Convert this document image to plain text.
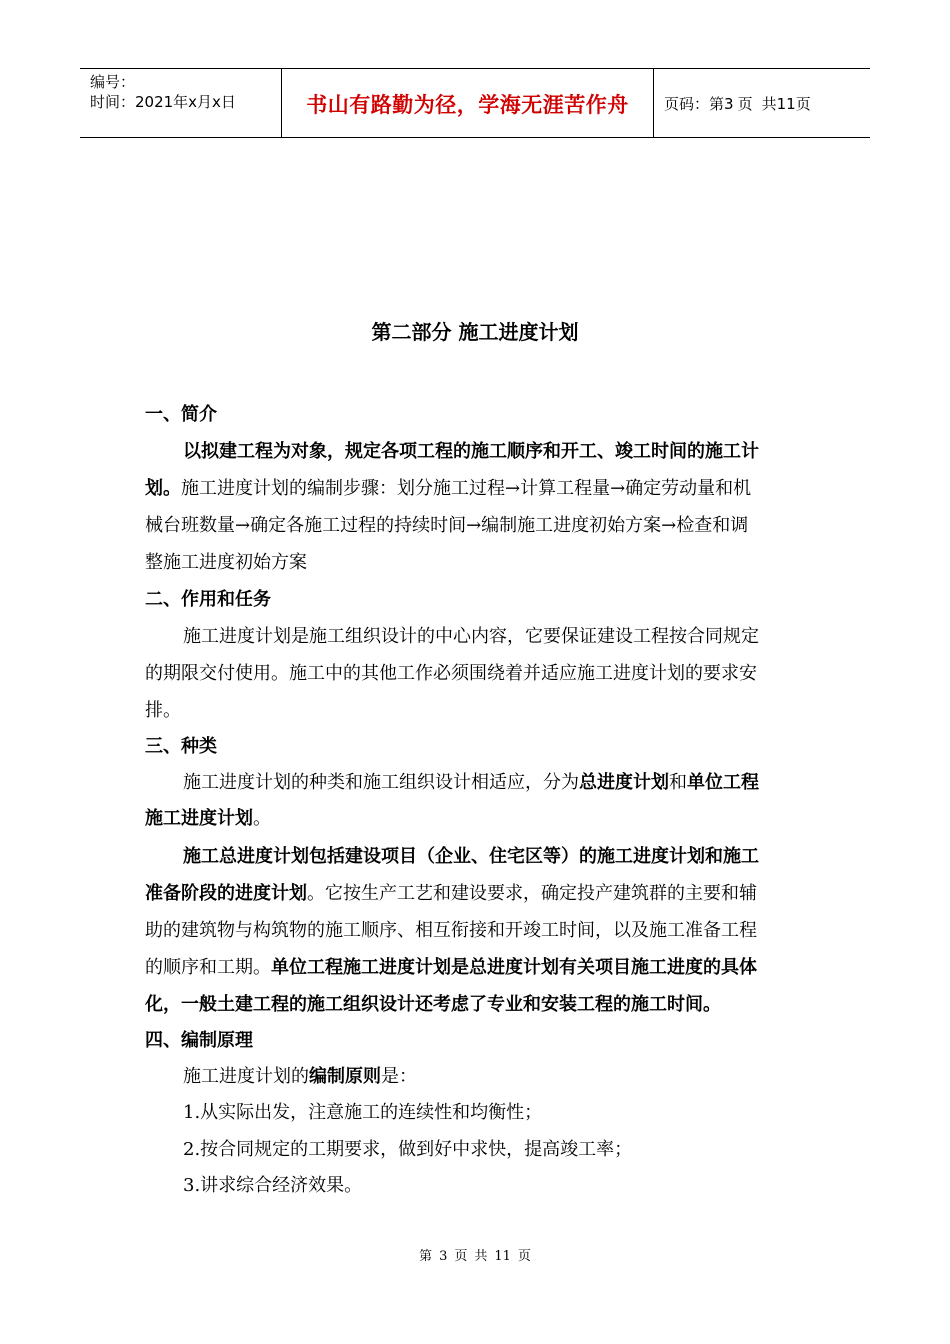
编号：
时间：2021年x月x日	书山有路勤为径，学海无涯苦作舟	页码：第3 页 共11页
第二部分 施工进度计划
一、简介
以拟建工程为对象，规定各项工程的施工顺序和开工、竣工时间的施工计
划。施工进度计划的编制步骤：划分施工过程→计算工程量→确定劳动量和机
械台班数量→确定各施工过程的持续时间→编制施工进度初始方案→检查和调
整施工进度初始方案
二、作用和任务
施工进度计划是施工组织设计的中心内容，它要保证建设工程按合同规定
的期限交付使用。施工中的其他工作必须围绕着并适应施工进度计划的要求安
排。
三、种类
施工进度计划的种类和施工组织设计相适应，分为总进度计划和单位工程
施工进度计划。
施工总进度计划包括建设项目（企业、住宅区等）的施工进度计划和施工
准备阶段的进度计划。它按生产工艺和建设要求，确定投产建筑群的主要和辅
助的建筑物与构筑物的施工顺序、相互衔接和开竣工时间，以及施工准备工程
的顺序和工期。单位工程施工进度计划是总进度计划有关项目施工进度的具体
化，一般土建工程的施工组织设计还考虑了专业和安装工程的施工时间。
四、编制原理
施工进度计划的编制原则是：
1.从实际出发，注意施工的连续性和均衡性；
2.按合同规定的工期要求，做到好中求快，提高竣工率；
3.讲求综合经济效果。
第 3 页 共 11 页
